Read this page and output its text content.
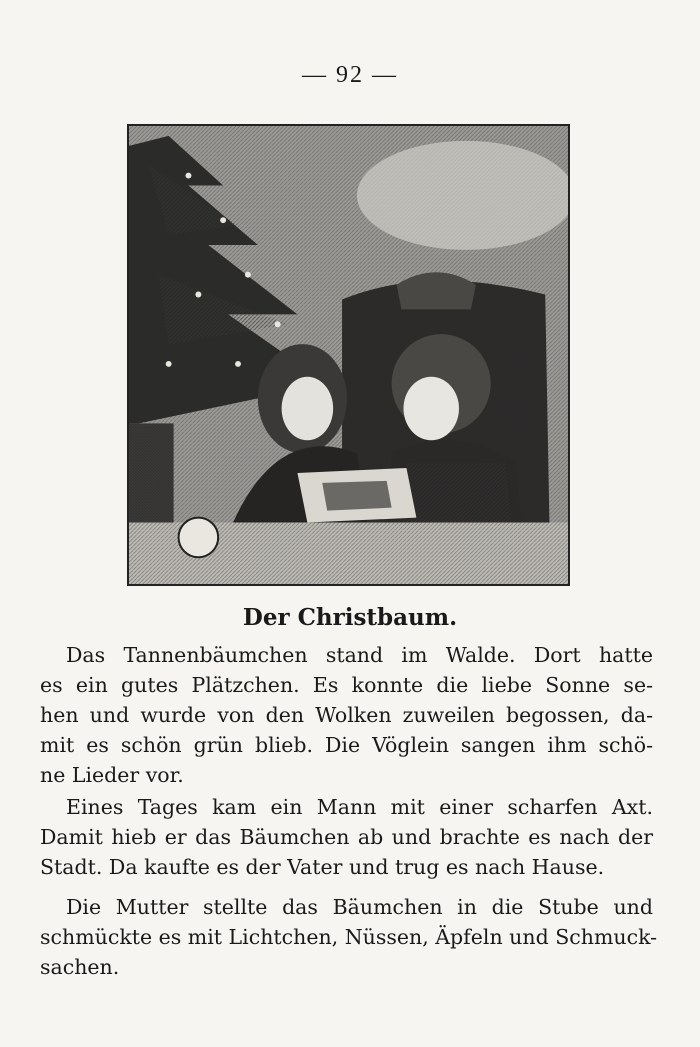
— 92 —
Der Christbaum.

Das Tannenbäumchen stand im Walde. Dort hatte
es ein gutes Plätzchen. Es konnte die liebe Sonne se-
hen und wurde von den Wolken zuweilen begossen, da-
mit es schön grün blieb. Die Vöglein sangen ihm schö-
ne Lieder vor.

Eines Tages kam ein Mann mit einer scharfen Axt.
Damit hieb er das Bäumchen ab und brachte es nach der
Stadt. Da kaufte es der Vater und trug es nach Hause.

Die Mutter stellte das Bäumchen in die Stube und
schmückte es mit Lichtchen, Nüssen, Äpfeln und Schmuck-
sachen.
